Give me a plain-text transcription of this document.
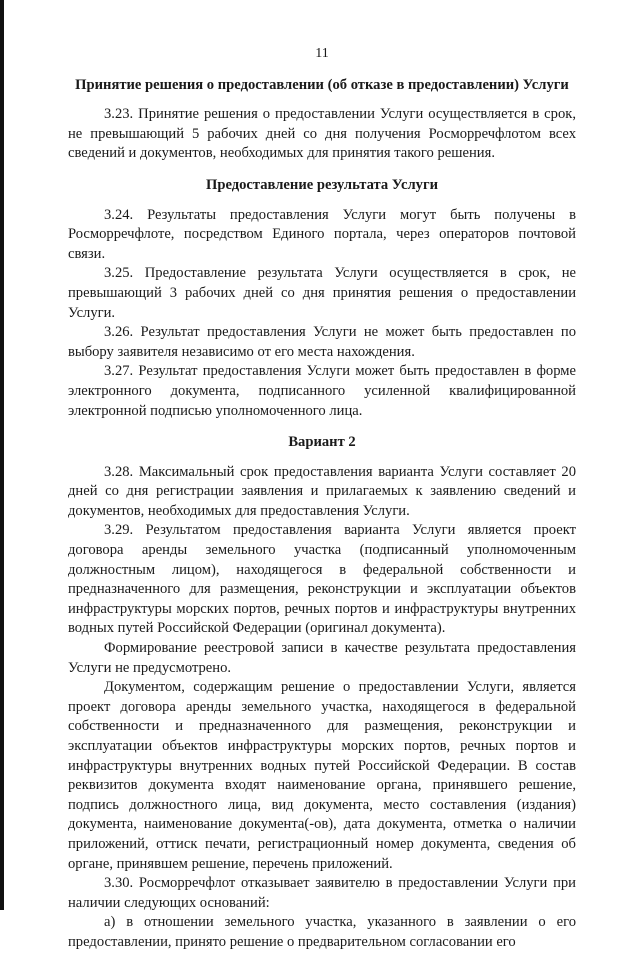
11
Принятие решения о предоставлении (об отказе в предоставлении) Услуги

3.23. Принятие решения о предоставлении Услуги осуществляется в срок, не превышающий 5 рабочих дней со дня получения Росморречфлотом всех сведений и документов, необходимых для принятия такого решения.

Предоставление результата Услуги

3.24. Результаты предоставления Услуги могут быть получены в Росморречфлоте, посредством Единого портала, через операторов почтовой связи.

3.25. Предоставление результата Услуги осуществляется в срок, не превышающий 3 рабочих дней со дня принятия решения о предоставлении Услуги.

3.26. Результат предоставления Услуги не может быть предоставлен по выбору заявителя независимо от его места нахождения.

3.27. Результат предоставления Услуги может быть предоставлен в форме электронного документа, подписанного усиленной квалифицированной электронной подписью уполномоченного лица.

Вариант 2

3.28. Максимальный срок предоставления варианта Услуги составляет 20 дней со дня регистрации заявления и прилагаемых к заявлению сведений и документов, необходимых для предоставления Услуги.

3.29. Результатом предоставления варианта Услуги является проект договора аренды земельного участка (подписанный уполномоченным должностным лицом), находящегося в федеральной собственности и предназначенного для размещения, реконструкции и эксплуатации объектов инфраструктуры морских портов, речных портов и инфраструктуры внутренних водных путей Российской Федерации (оригинал документа).

Формирование реестровой записи в качестве результата предоставления Услуги не предусмотрено.

Документом, содержащим решение о предоставлении Услуги, является проект договора аренды земельного участка, находящегося в федеральной собственности и предназначенного для размещения, реконструкции и эксплуатации объектов инфраструктуры морских портов, речных портов и инфраструктуры внутренних водных путей Российской Федерации. В состав реквизитов документа входят наименование органа, принявшего решение, подпись должностного лица, вид документа, место составления (издания) документа, наименование документа(-ов), дата документа, отметка о наличии приложений, оттиск печати, регистрационный номер документа, сведения об органе, принявшем решение, перечень приложений.

3.30. Росморречфлот отказывает заявителю в предоставлении Услуги при наличии следующих оснований:

а) в отношении земельного участка, указанного в заявлении о его предоставлении, принято решение о предварительном согласовании его
